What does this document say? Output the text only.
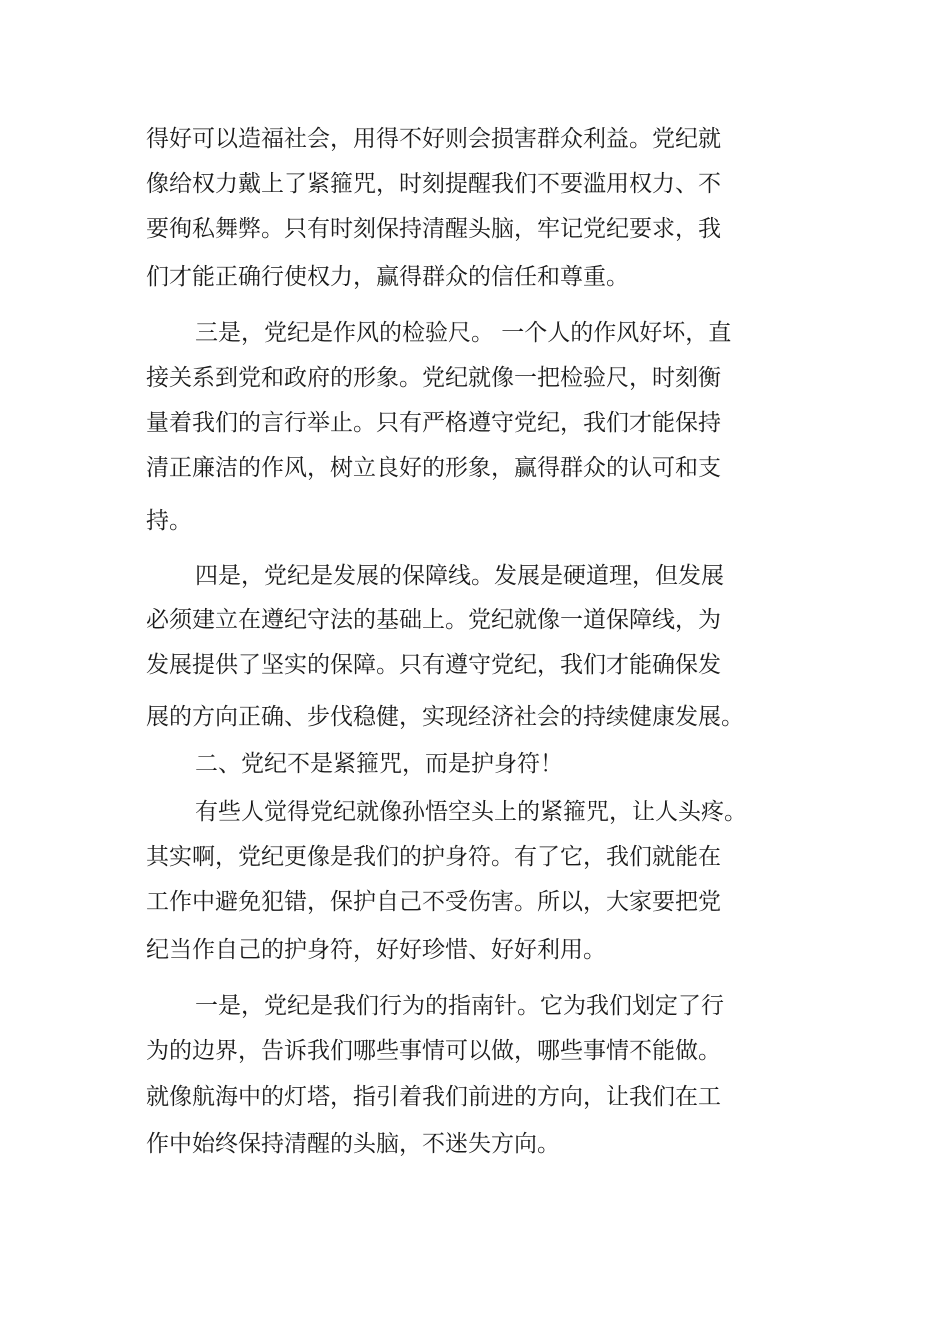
得好可以造福社会，用得不好则会损害群众利益。党纪就
像给权力戴上了紧箍咒，时刻提醒我们不要滥用权力、不
要徇私舞弊。只有时刻保持清醒头脑，牢记党纪要求，我
们才能正确行使权力，赢得群众的信任和尊重。
三是，党纪是作风的检验尺。 一个人的作风好坏，直
接关系到党和政府的形象。党纪就像一把检验尺，时刻衡
量着我们的言行举止。只有严格遵守党纪，我们才能保持
清正廉洁的作风，树立良好的形象，赢得群众的认可和支
持。
四是，党纪是发展的保障线。发展是硬道理，但发展
必须建立在遵纪守法的基础上。党纪就像一道保障线，为
发展提供了坚实的保障。只有遵守党纪，我们才能确保发
展的方向正确、步伐稳健，实现经济社会的持续健康发展。
二、党纪不是紧箍咒，而是护身符！
有些人觉得党纪就像孙悟空头上的紧箍咒，让人头疼。
其实啊，党纪更像是我们的护身符。有了它，我们就能在
工作中避免犯错，保护自己不受伤害。所以，大家要把党
纪当作自己的护身符，好好珍惜、好好利用。
一是，党纪是我们行为的指南针。它为我们划定了行
为的边界，告诉我们哪些事情可以做，哪些事情不能做。
就像航海中的灯塔，指引着我们前进的方向，让我们在工
作中始终保持清醒的头脑，不迷失方向。
